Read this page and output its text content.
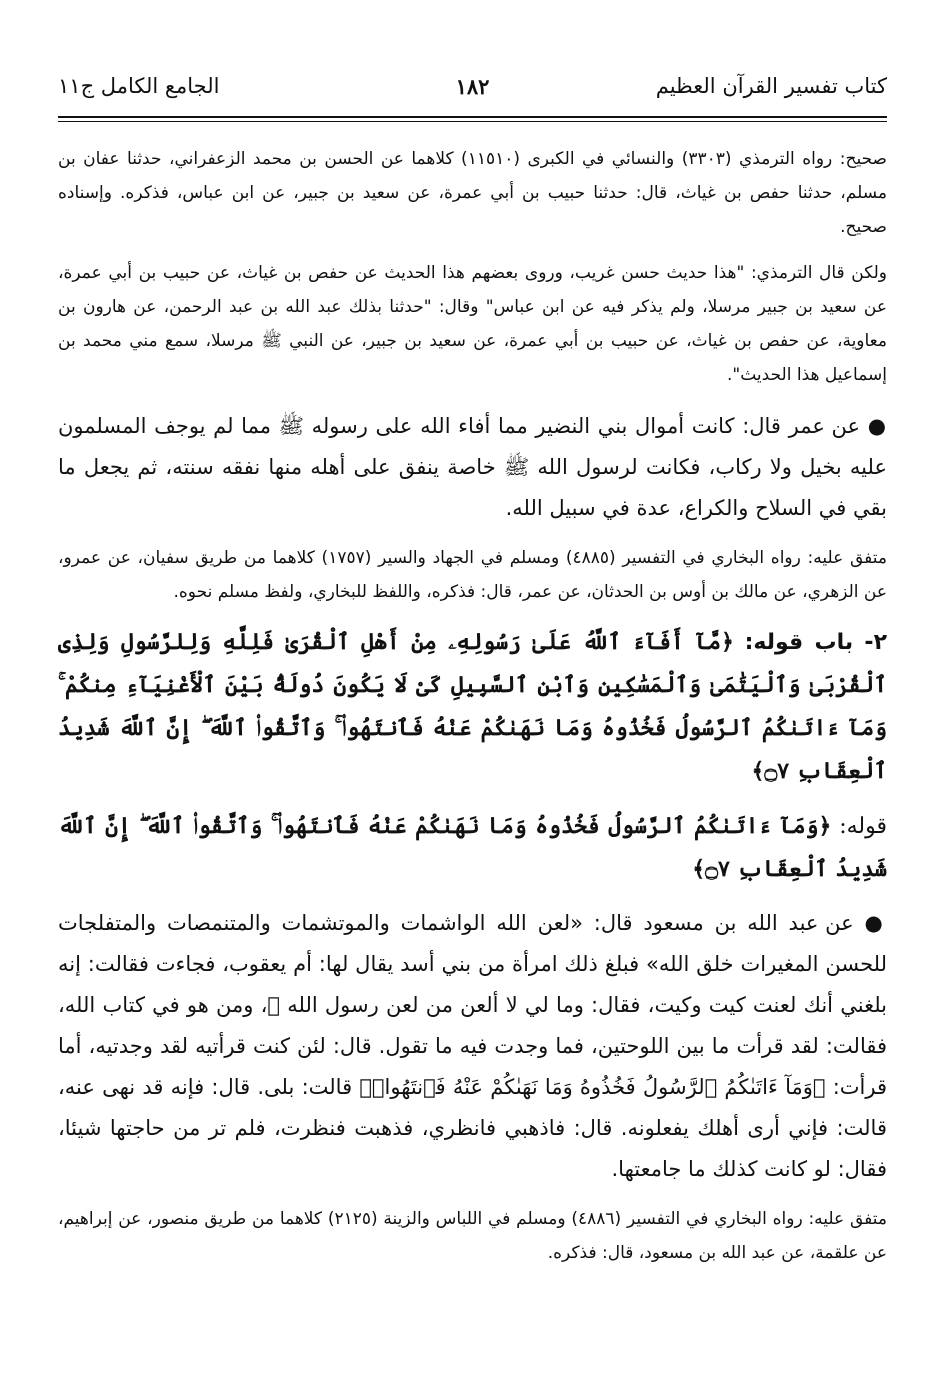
كتاب تفسير القرآن العظيم
١٨٢
الجامع الكامل ج١١

صحيح: رواه الترمذي (٣٣٠٣) والنسائي في الكبرى (١١٥١٠) كلاهما عن الحسن بن محمد الزعفراني، حدثنا عفان بن مسلم، حدثنا حفص بن غياث، قال: حدثنا حبيب بن أبي عمرة، عن سعيد بن جبير، عن ابن عباس، فذكره. وإسناده صحيح.

ولكن قال الترمذي: "هذا حديث حسن غريب، وروى بعضهم هذا الحديث عن حفص بن غياث، عن حبيب بن أبي عمرة، عن سعيد بن جبير مرسلا، ولم يذكر فيه عن ابن عباس" وقال: "حدثنا بذلك عبد الله بن عبد الرحمن، عن هارون بن معاوية، عن حفص بن غياث، عن حبيب بن أبي عمرة، عن سعيد بن جبير، عن النبي ﷺ مرسلا، سمع مني محمد بن إسماعيل هذا الحديث".

● عن عمر قال: كانت أموال بني النضير مما أفاء الله على رسوله ﷺ مما لم يوجف المسلمون عليه بخيل ولا ركاب، فكانت لرسول الله ﷺ خاصة ينفق على أهله منها نفقه سنته، ثم يجعل ما بقي في السلاح والكراع، عدة في سبيل الله.

متفق عليه: رواه البخاري في التفسير (٤٨٨٥) ومسلم في الجهاد والسير (١٧٥٧) كلاهما من طريق سفيان، عن عمرو، عن الزهري، عن مالك بن أوس بن الحدثان، عن عمر، قال: فذكره، واللفظ للبخاري، ولفظ مسلم نحوه.

٢- باب قوله: ﴿مَّآ أَفَآءَ ٱللَّهُ عَلَىٰ رَسُولِهِۦ مِنْ أَهْلِ ٱلْقُرَىٰ فَلِلَّهِ وَلِلرَّسُولِ وَلِذِى ٱلْقُرْبَىٰ وَٱلْيَتَٰمَىٰ وَٱلْمَسَٰكِينِ وَٱبْنِ ٱلسَّبِيلِ كَىْ لَا يَكُونَ دُولَةًۢ بَيْنَ ٱلْأَغْنِيَآءِ مِنكُمْ ۚ وَمَآ ءَاتَىٰكُمُ ٱلرَّسُولُ فَخُذُوهُ وَمَا نَهَىٰكُمْ عَنْهُ فَٱنتَهُوا۟ ۚ وَٱتَّقُوا۟ ٱللَّهَ ۖ إِنَّ ٱللَّهَ شَدِيدُ ٱلْعِقَابِ ۝٧﴾

قوله: ﴿وَمَآ ءَاتَىٰكُمُ ٱلرَّسُولُ فَخُذُوهُ وَمَا نَهَىٰكُمْ عَنْهُ فَٱنتَهُوا۟ ۚ وَٱتَّقُوا۟ ٱللَّهَ ۖ إِنَّ ٱللَّهَ شَدِيدُ ٱلْعِقَابِ ۝٧﴾

● عن عبد الله بن مسعود قال: «لعن الله الواشمات والموتشمات والمتنمصات والمتفلجات للحسن المغيرات خلق الله» فبلغ ذلك امرأة من بني أسد يقال لها: أم يعقوب، فجاءت فقالت: إنه بلغني أنك لعنت كيت وكيت، فقال: وما لي لا ألعن من لعن رسول الله ﷺ، ومن هو في كتاب الله، فقالت: لقد قرأت ما بين اللوحتين، فما وجدت فيه ما تقول. قال: لئن كنت قرأتيه لقد وجدتيه، أما قرأت: ﴿وَمَآ ءَاتَىٰكُمُ ٱلرَّسُولُ فَخُذُوهُ وَمَا نَهَىٰكُمْ عَنْهُ فَٱنتَهُوا۟﴾ قالت: بلى. قال: فإنه قد نهى عنه، قالت: فإني أرى أهلك يفعلونه. قال: فاذهبي فانظري، فذهبت فنظرت، فلم تر من حاجتها شيئا، فقال: لو كانت كذلك ما جامعتها.

متفق عليه: رواه البخاري في التفسير (٤٨٨٦) ومسلم في اللباس والزينة (٢١٢٥) كلاهما من طريق منصور، عن إبراهيم، عن علقمة، عن عبد الله بن مسعود، قال: فذكره.
